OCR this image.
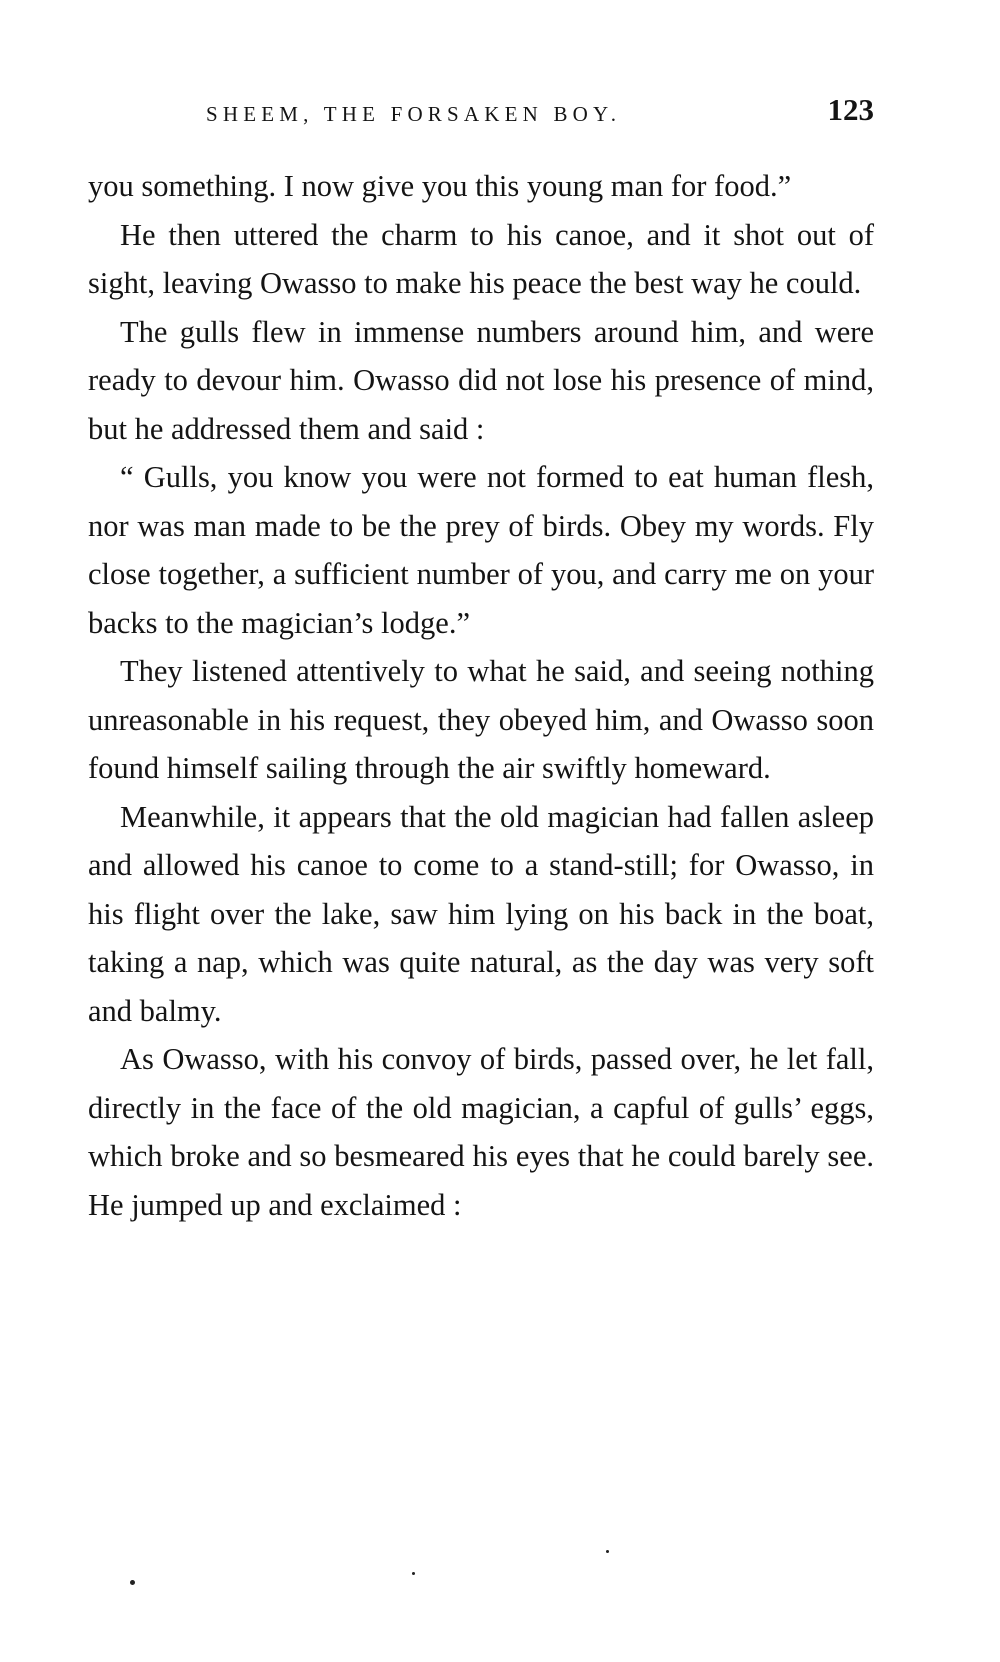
SHEEM, THE FORSAKEN BOY.	123

you something. I now give you this young man for food.”

He then uttered the charm to his canoe, and it shot out of sight, leaving Owasso to make his peace the best way he could.

The gulls flew in immense numbers around him, and were ready to devour him. Owasso did not lose his presence of mind, but he addressed them and said :

“ Gulls, you know you were not formed to eat human flesh, nor was man made to be the prey of birds. Obey my words. Fly close together, a sufficient number of you, and carry me on your backs to the magician’s lodge.”

They listened attentively to what he said, and seeing nothing unreasonable in his request, they obeyed him, and Owasso soon found himself sailing through the air swiftly homeward.

Meanwhile, it appears that the old magician had fallen asleep and allowed his canoe to come to a stand-still; for Owasso, in his flight over the lake, saw him lying on his back in the boat, taking a nap, which was quite natural, as the day was very soft and balmy.

As Owasso, with his convoy of birds, passed over, he let fall, directly in the face of the old magician, a capful of gulls’ eggs, which broke and so besmeared his eyes that he could barely see. He jumped up and exclaimed :
